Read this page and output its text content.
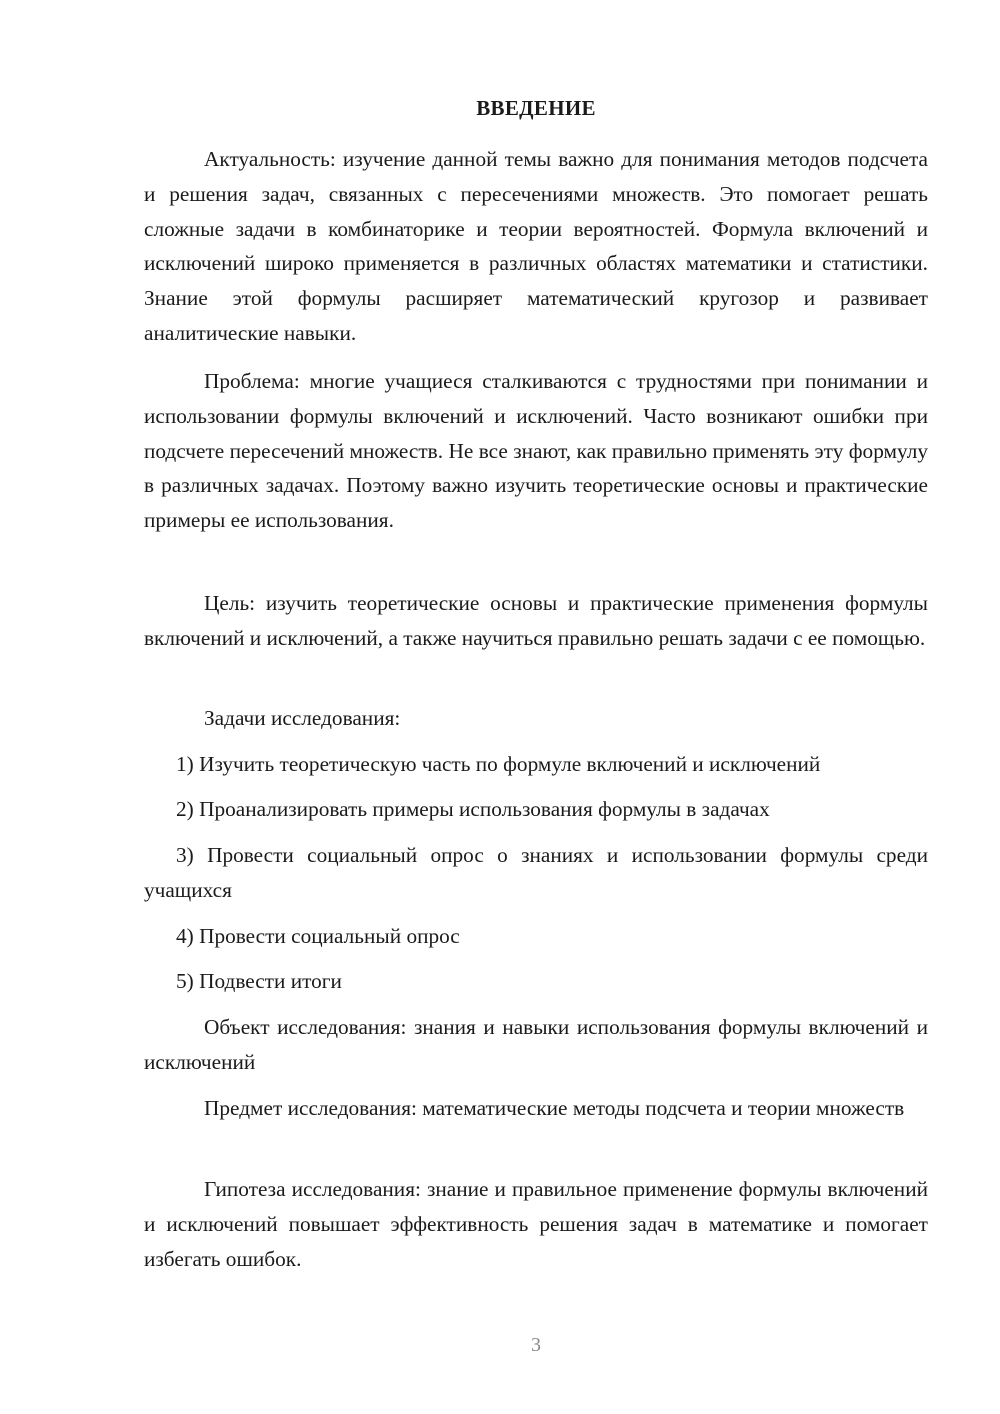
ВВЕДЕНИЕ

Актуальность: изучение данной темы важно для понимания методов подсчета и решения задач, связанных с пересечениями множеств. Это помогает решать сложные задачи в комбинаторике и теории вероятностей. Формула включений и исключений широко применяется в различных областях математики и статистики. Знание этой формулы расширяет математический кругозор и развивает аналитические навыки.

Проблема: многие учащиеся сталкиваются с трудностями при понимании и использовании формулы включений и исключений. Часто возникают ошибки при подсчете пересечений множеств. Не все знают, как правильно применять эту формулу в различных задачах. Поэтому важно изучить теоретические основы и практические примеры ее использования.

Цель: изучить теоретические основы и практические применения формулы включений и исключений, а также научиться правильно решать задачи с ее помощью.

Задачи исследования:

1) Изучить теоретическую часть по формуле включений и исключений

2) Проанализировать примеры использования формулы в задачах

3) Провести социальный опрос о знаниях и использовании формулы среди учащихся

4) Провести социальный опрос

5) Подвести итоги

Объект исследования: знания и навыки использования формулы включений и исключений

Предмет исследования: математические методы подсчета и теории множеств

Гипотеза исследования: знание и правильное применение формулы включений и исключений повышает эффективность решения задач в математике и помогает избегать ошибок.

3
